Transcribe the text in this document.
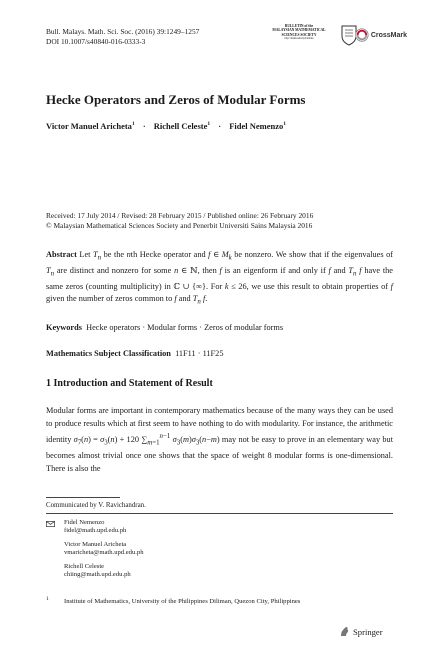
Bull. Malays. Math. Sci. Soc. (2016) 39:1249–1257
DOI 10.1007/s40840-016-0333-3
BULLETIN of the
MALAYSIAN MATHEMATICAL
SCIENCES SOCIETY
http://math.usm.my/bulletin
CrossMark
Hecke Operators and Zeros of Modular Forms
Victor Manuel Aricheta$^1$ · Richell Celeste$^1$ · Fidel Nemenzo$^1$
Received: 17 July 2014 / Revised: 28 February 2015 / Published online: 26 February 2016
© Malaysian Mathematical Sciences Society and Penerbit Universiti Sains Malaysia 2016
Abstract Let $T_n$ be the nth Hecke operator and f ∈ $M_k$ be nonzero. We show that if the eigenvalues of $T_n$ are distinct and nonzero for some n ∈ ℕ, then f is an eigenform if and only if f and $T_n$ f have the same zeros (counting multiplicity) in ℂ ∪ {∞}. For k ≤ 26, we use this result to obtain properties of f given the number of zeros common to f and $T_n$ f.
Keywords Hecke operators · Modular forms · Zeros of modular forms
Mathematics Subject Classification 11F11 · 11F25
1 Introduction and Statement of Result
Modular forms are important in contemporary mathematics because of the many ways they can be used to produce results which at first seem to have nothing to do with modularity. For instance, the arithmetic identity $\sigma_7(n) = \sigma_3(n) + 120$ $\sum_{m=1}^{n-1}$ $\sigma_3(m)\sigma_3(n-m)$ may not be easy to prove in an elementary way but becomes almost trivial once one shows that the space of weight 8 modular forms is one-dimensional. There is also the
Communicated by V. Ravichandran.
Fidel Nemenzo
fidel@math.upd.edu.ph
Victor Manuel Aricheta
vmaricheta@math.upd.edu.ph
Richell Celeste
chiing@math.upd.edu.ph
1 Institute of Mathematics, University of the Philippines Diliman, Quezon City, Philippines
Springer
